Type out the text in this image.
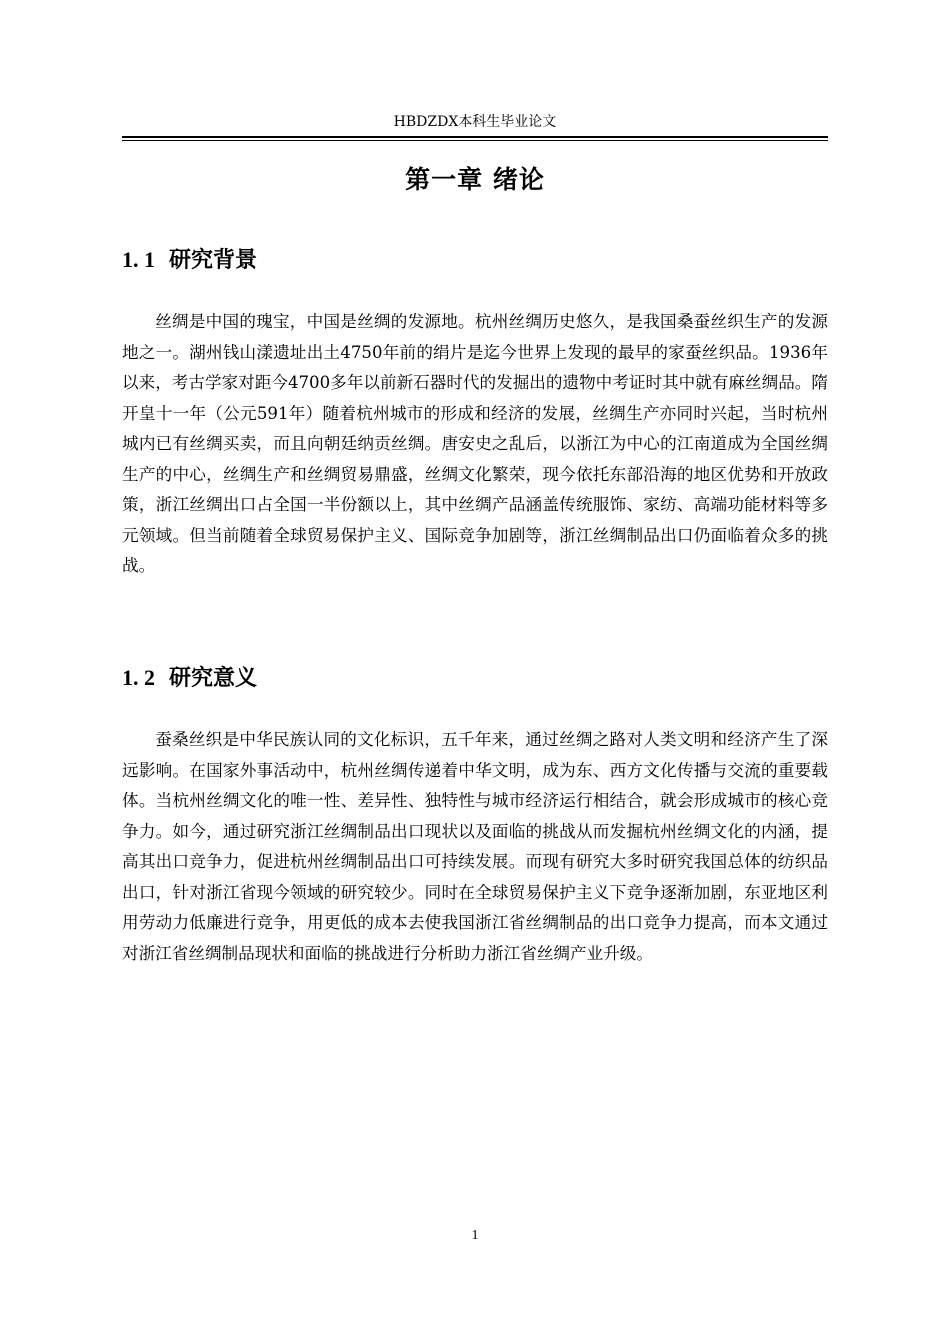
HBDZDX本科生毕业论文
第一章 绪论
1. 1 研究背景

丝绸是中国的瑰宝，中国是丝绸的发源地。杭州丝绸历史悠久，是我国桑蚕丝织生产的发源地之一。湖州钱山漾遗址出土4750年前的绢片是迄今世界上发现的最早的家蚕丝织品。1936年以来，考古学家对距今4700多年以前新石器时代的发掘出的遗物中考证时其中就有麻丝绸品。隋开皇十一年（公元591年）随着杭州城市的形成和经济的发展，丝绸生产亦同时兴起，当时杭州城内已有丝绸买卖，而且向朝廷纳贡丝绸。唐安史之乱后，以浙江为中心的江南道成为全国丝绸生产的中心，丝绸生产和丝绸贸易鼎盛，丝绸文化繁荣，现今依托东部沿海的地区优势和开放政策，浙江丝绸出口占全国一半份额以上，其中丝绸产品涵盖传统服饰、家纺、高端功能材料等多元领域。但当前随着全球贸易保护主义、国际竞争加剧等，浙江丝绸制品出口仍面临着众多的挑战。

1. 2 研究意义

蚕桑丝织是中华民族认同的文化标识，五千年来，通过丝绸之路对人类文明和经济产生了深远影响。在国家外事活动中，杭州丝绸传递着中华文明，成为东、西方文化传播与交流的重要载体。当杭州丝绸文化的唯一性、差异性、独特性与城市经济运行相结合，就会形成城市的核心竞争力。如今，通过研究浙江丝绸制品出口现状以及面临的挑战从而发掘杭州丝绸文化的内涵，提高其出口竞争力，促进杭州丝绸制品出口可持续发展。而现有研究大多时研究我国总体的纺织品出口，针对浙江省现今领域的研究较少。同时在全球贸易保护主义下竞争逐渐加剧，东亚地区利用劳动力低廉进行竞争，用更低的成本去使我国浙江省丝绸制品的出口竞争力提高，而本文通过对浙江省丝绸制品现状和面临的挑战进行分析助力浙江省丝绸产业升级。

1
